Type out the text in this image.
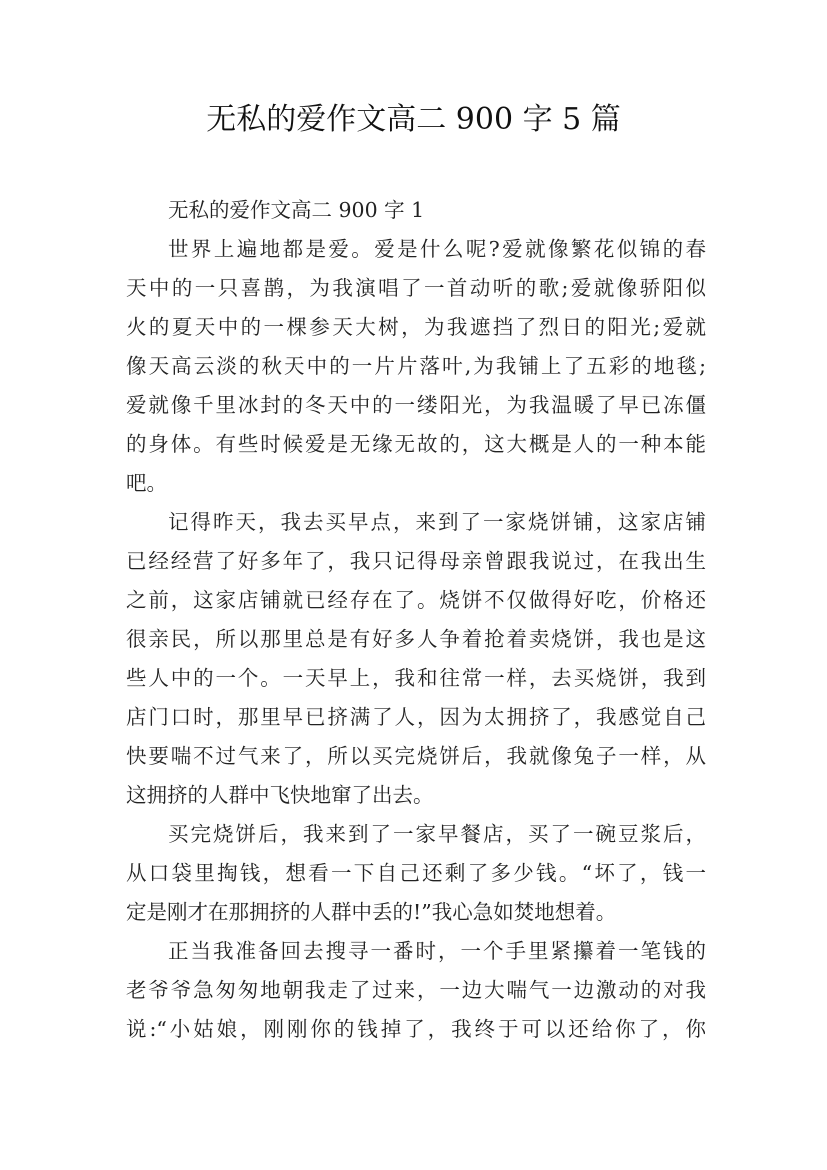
无私的爱作文高二 900 字 5 篇

无私的爱作文高二 900 字 1

世界上遍地都是爱。爱是什么呢?爱就像繁花似锦的春
天中的一只喜鹊，为我演唱了一首动听的歌;爱就像骄阳似
火的夏天中的一棵参天大树，为我遮挡了烈日的阳光;爱就
像天高云淡的秋天中的一片片落叶,为我铺上了五彩的地毯;
爱就像千里冰封的冬天中的一缕阳光，为我温暖了早已冻僵
的身体。有些时候爱是无缘无故的，这大概是人的一种本能
吧。

记得昨天，我去买早点，来到了一家烧饼铺，这家店铺
已经经营了好多年了，我只记得母亲曾跟我说过，在我出生
之前，这家店铺就已经存在了。烧饼不仅做得好吃，价格还
很亲民，所以那里总是有好多人争着抢着卖烧饼，我也是这
些人中的一个。一天早上，我和往常一样，去买烧饼，我到
店门口时，那里早已挤满了人，因为太拥挤了，我感觉自己
快要喘不过气来了，所以买完烧饼后，我就像兔子一样，从
这拥挤的人群中飞快地窜了出去。

买完烧饼后，我来到了一家早餐店，买了一碗豆浆后，
从口袋里掏钱，想看一下自己还剩了多少钱。“坏了，钱一
定是刚才在那拥挤的人群中丢的!”我心急如焚地想着。

正当我准备回去搜寻一番时，一个手里紧攥着一笔钱的
老爷爷急匆匆地朝我走了过来，一边大喘气一边激动的对我
说:“小姑娘，刚刚你的钱掉了，我终于可以还给你了，你
